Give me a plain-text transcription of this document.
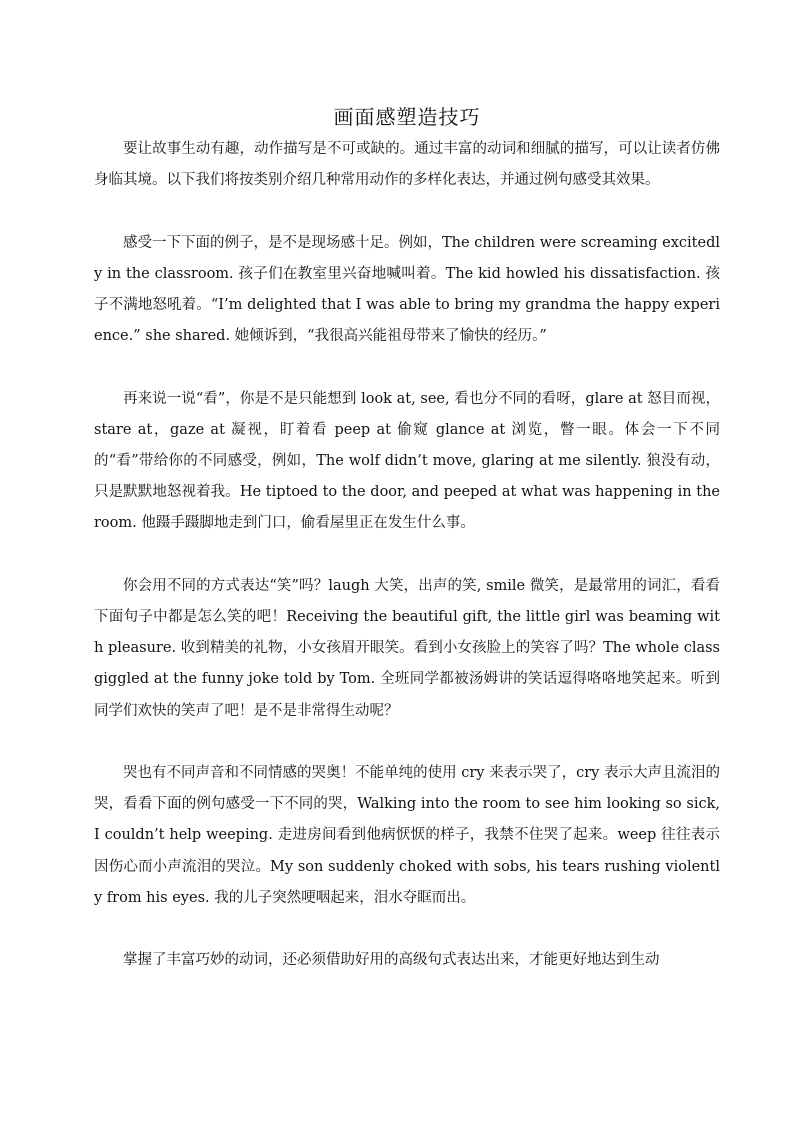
画面感塑造技巧

要让故事生动有趣，动作描写是不可或缺的。通过丰富的动词和细腻的描写，可以让读者仿佛身临其境。以下我们将按类别介绍几种常用动作的多样化表达，并通过例句感受其效果。

感受一下下面的例子，是不是现场感十足。例如，The children were screaming excitedly in the classroom. 孩子们在教室里兴奋地喊叫着。The kid howled his dissatisfaction. 孩子不满地怒吼着。“I’m delighted that I was able to bring my grandma the happy experience.” she shared. 她倾诉到，“我很高兴能祖母带来了愉快的经历。”

再来说一说“看”，你是不是只能想到 look at, see, 看也分不同的看呀，glare at 怒目而视，stare at，gaze at 凝视，盯着看 peep at 偷窥 glance at 浏览，瞥一眼。体会一下不同的“看”带给你的不同感受，例如，The wolf didn’t move, glaring at me silently. 狼没有动，只是默默地怒视着我。He tiptoed to the door, and peeped at what was happening in the room. 他蹑手蹑脚地走到门口，偷看屋里正在发生什么事。

你会用不同的方式表达“笑”吗？laugh 大笑，出声的笑, smile 微笑，是最常用的词汇，看看下面句子中都是怎么笑的吧！Receiving the beautiful gift, the little girl was beaming with pleasure. 收到精美的礼物，小女孩眉开眼笑。看到小女孩脸上的笑容了吗？The whole class giggled at the funny joke told by Tom. 全班同学都被汤姆讲的笑话逗得咯咯地笑起来。听到同学们欢快的笑声了吧！是不是非常得生动呢？

哭也有不同声音和不同情感的哭奥！不能单纯的使用 cry 来表示哭了，cry 表示大声且流泪的哭，看看下面的例句感受一下不同的哭，Walking into the room to see him looking so sick, I couldn’t help weeping. 走进房间看到他病恹恹的样子，我禁不住哭了起来。weep 往往表示因伤心而小声流泪的哭泣。My son suddenly choked with sobs, his tears rushing violently from his eyes. 我的儿子突然哽咽起来，泪水夺眶而出。

掌握了丰富巧妙的动词，还必须借助好用的高级句式表达出来，才能更好地达到生动
